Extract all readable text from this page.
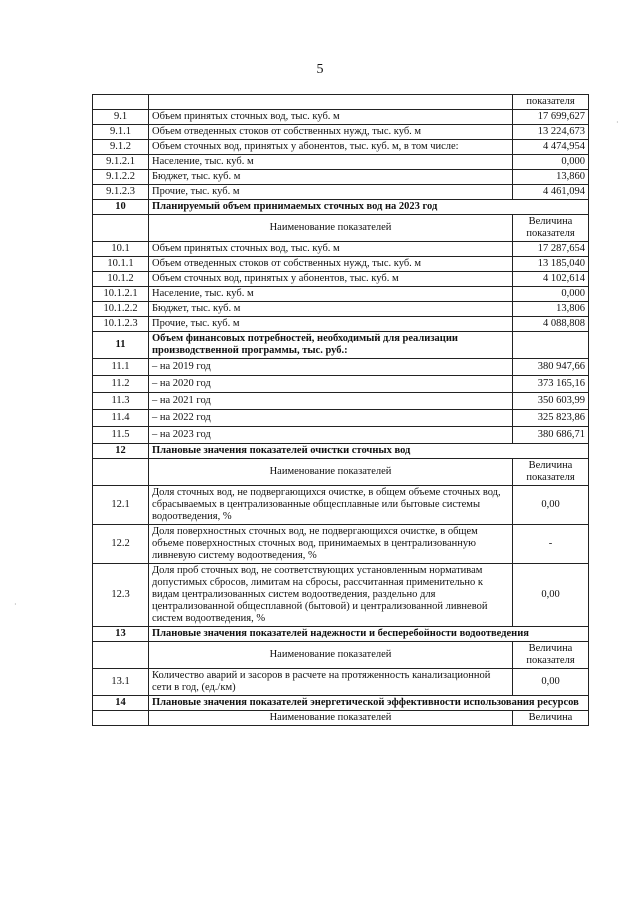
5
		показателя
9.1	Объем принятых сточных вод, тыс. куб. м	17 699,627
9.1.1	Объем отведенных стоков от собственных нужд, тыс. куб. м	13 224,673
9.1.2	Объем сточных вод, принятых у абонентов, тыс. куб. м, в том числе:	4 474,954
9.1.2.1	Население, тыс. куб. м	0,000
9.1.2.2	Бюджет, тыс. куб. м	13,860
9.1.2.3	Прочие, тыс. куб. м	4 461,094
10	Планируемый объем принимаемых сточных вод на 2023 год	
	Наименование показателей	Величина показателя
10.1	Объем принятых сточных вод, тыс. куб. м	17 287,654
10.1.1	Объем отведенных стоков от собственных нужд, тыс. куб. м	13 185,040
10.1.2	Объем сточных вод, принятых у абонентов, тыс. куб. м	4 102,614
10.1.2.1	Население, тыс. куб. м	0,000
10.1.2.2	Бюджет, тыс. куб. м	13,806
10.1.2.3	Прочие, тыс. куб. м	4 088,808
11	Объем финансовых потребностей, необходимый для реализации производственной программы, тыс. руб.:	
11.1	– на 2019 год	380 947,66
11.2	– на 2020 год	373 165,16
11.3	– на 2021 год	350 603,99
11.4	– на 2022 год	325 823,86
11.5	– на 2023 год	380 686,71
12	Плановые значения показателей очистки сточных вод	
	Наименование показателей	Величина показателя
12.1	Доля сточных вод, не подвергающихся очистке, в общем объеме сточных вод, сбрасываемых в централизованные общесплавные или бытовые системы водоотведения, %	0,00
12.2	Доля поверхностных сточных вод, не подвергающихся очистке, в общем объеме поверхностных сточных вод, принимаемых в централизованную ливневую систему водоотведения, %	-
12.3	Доля проб сточных вод, не соответствующих установленным нормативам допустимых сбросов, лимитам на сбросы, рассчитанная применительно к видам централизованных систем водоотведения, раздельно для централизованной общесплавной (бытовой) и централизованной ливневой систем водоотведения, %	0,00
13	Плановые значения показателей надежности и бесперебойности водоотведения	
	Наименование показателей	Величина показателя
13.1	Количество аварий и засоров в расчете на протяженность канализационной сети в год, (ед./км)	0,00
14	Плановые значения показателей энергетической эффективности использования ресурсов	
	Наименование показателей	Величина
·
·
